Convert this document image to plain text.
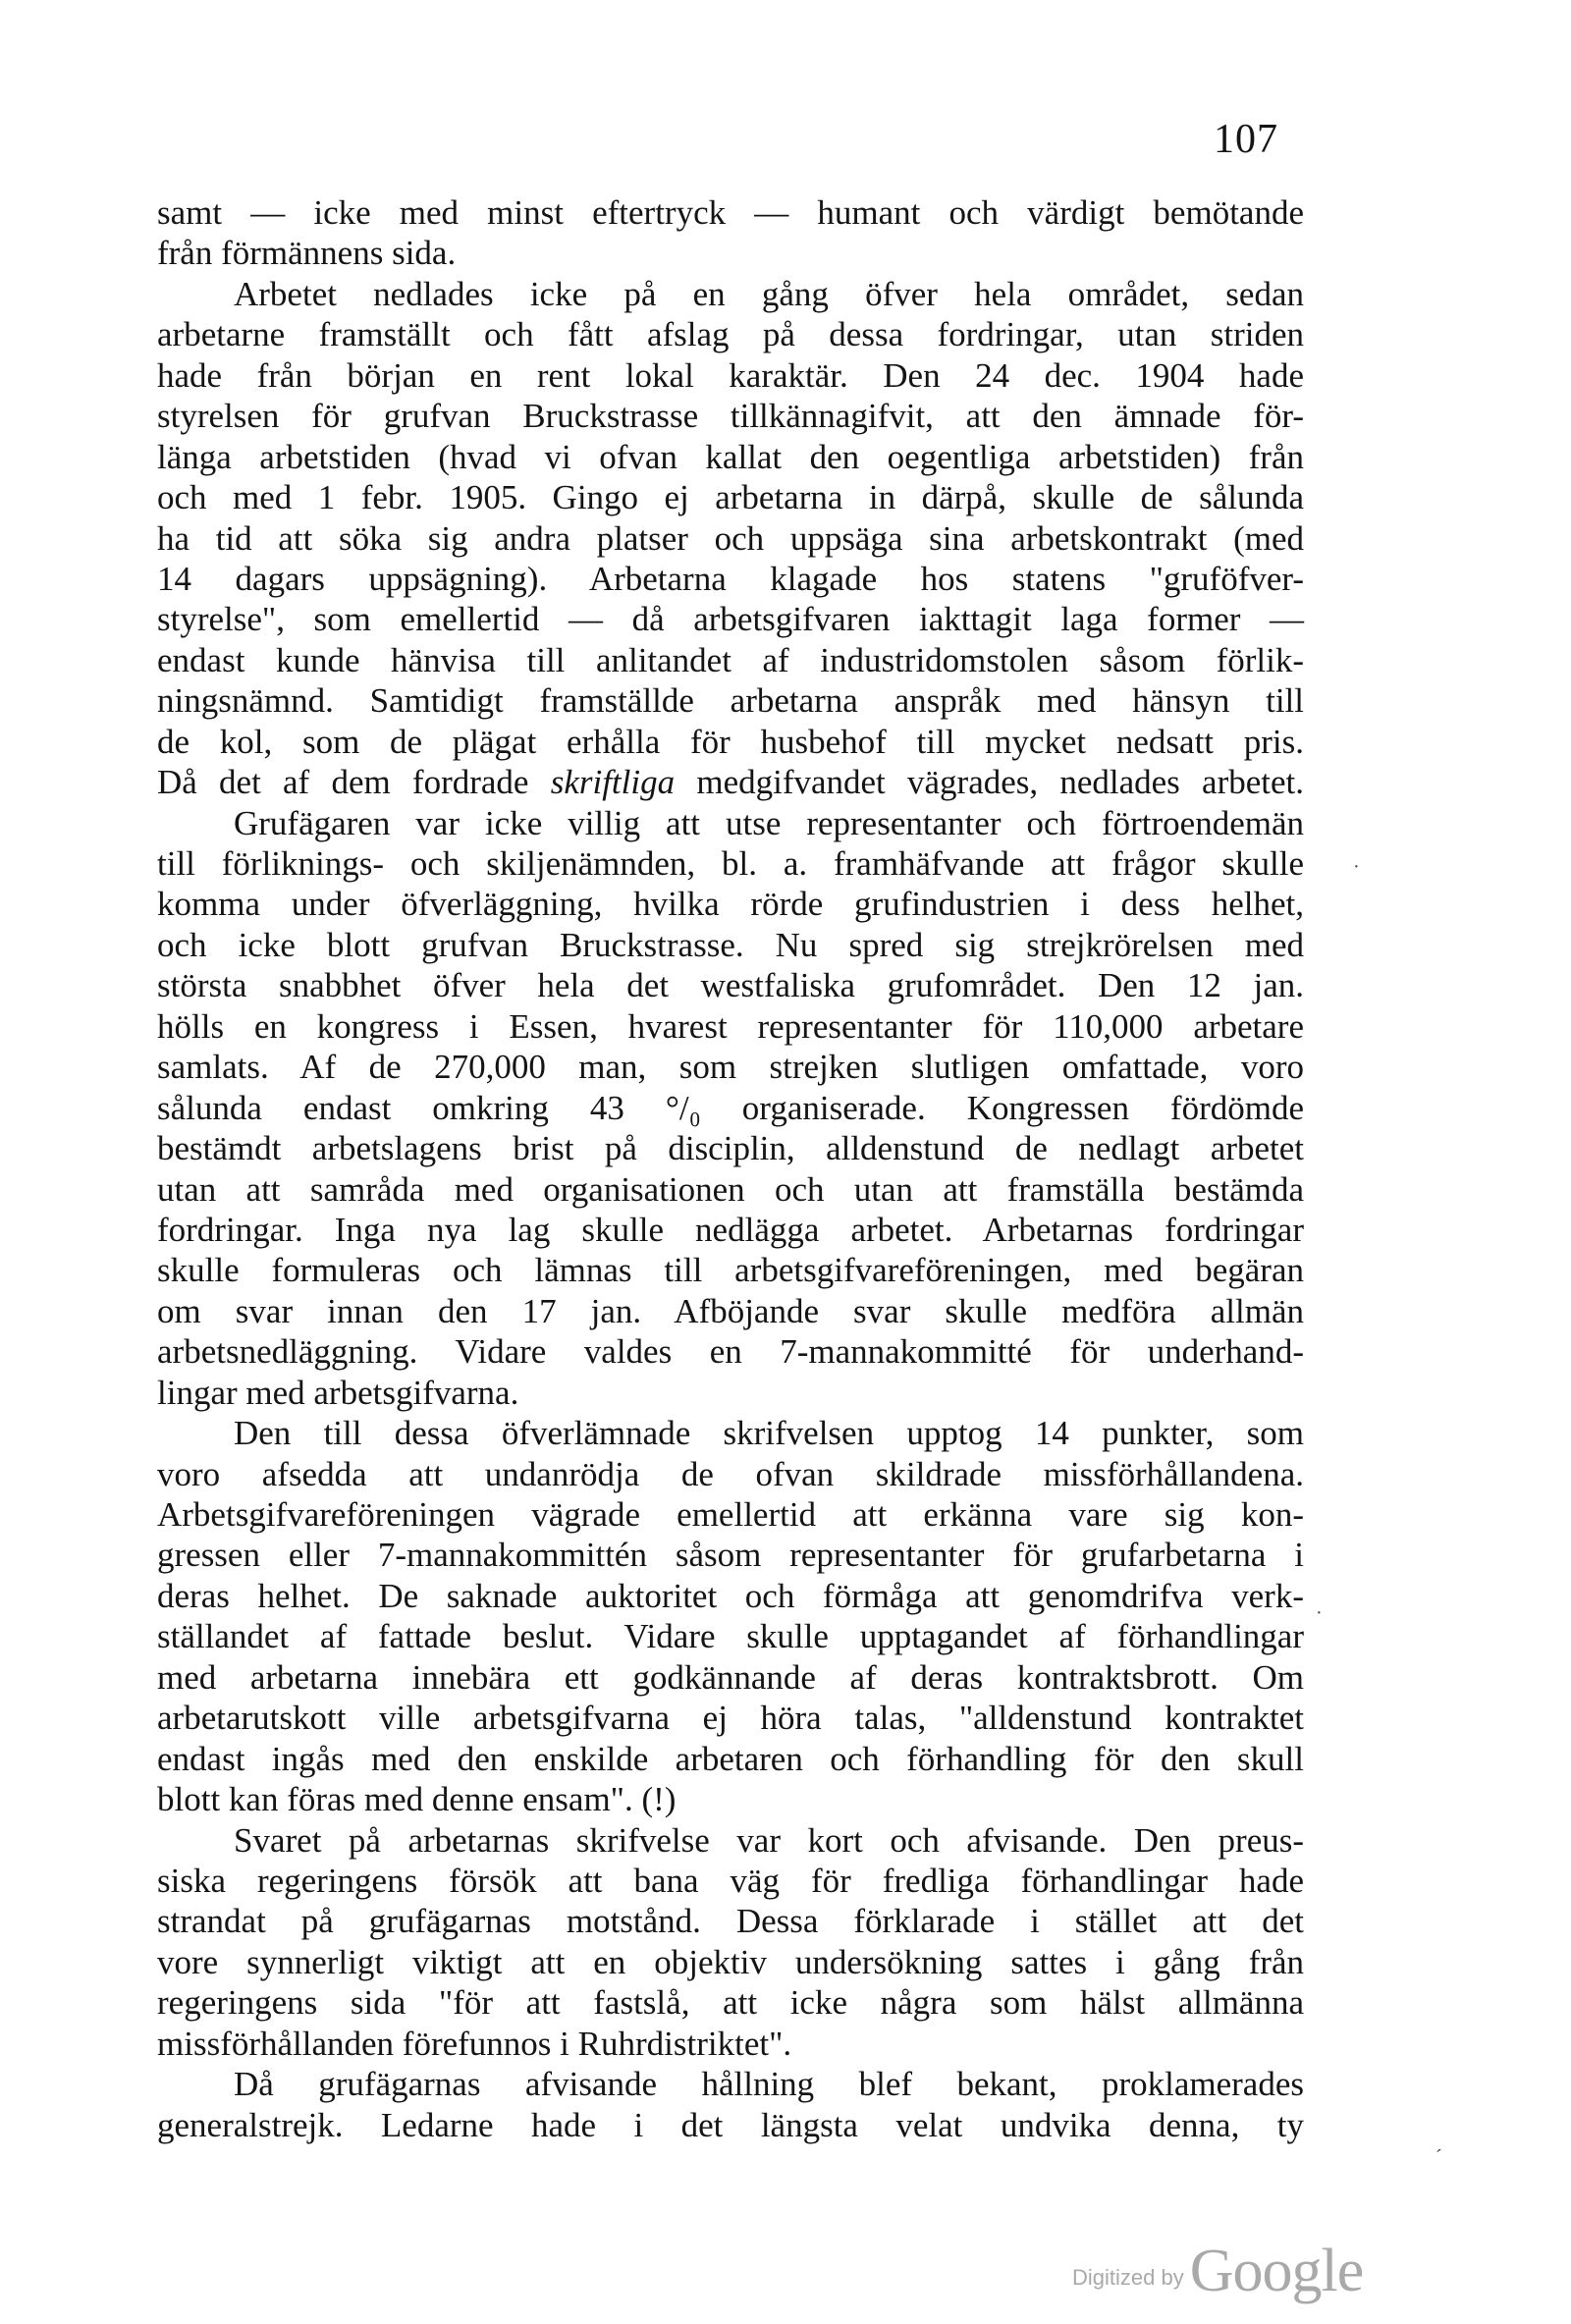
107
samt — icke med minst eftertryck — humant och värdigt bemötande
från förmännens sida.
Arbetet nedlades icke på en gång öfver hela området, sedan
arbetarne framställt och fått afslag på dessa fordringar, utan striden
hade från början en rent lokal karaktär. Den 24 dec. 1904 hade
styrelsen för grufvan Bruckstrasse tillkännagifvit, att den ämnade för-
länga arbetstiden (hvad vi ofvan kallat den oegentliga arbetstiden) från
och med 1 febr. 1905. Gingo ej arbetarna in därpå, skulle de sålunda
ha tid att söka sig andra platser och uppsäga sina arbetskontrakt (med
14 dagars uppsägning). Arbetarna klagade hos statens "gruföfver-
styrelse", som emellertid — då arbetsgifvaren iakttagit laga former —
endast kunde hänvisa till anlitandet af industridomstolen såsom förlik-
ningsnämnd. Samtidigt framställde arbetarna anspråk med hänsyn till
de kol, som de plägat erhålla för husbehof till mycket nedsatt pris.
Då det af dem fordrade skriftliga medgifvandet vägrades, nedlades arbetet.
Grufägaren var icke villig att utse representanter och förtroendemän
till förliknings- och skiljenämnden, bl. a. framhäfvande att frågor skulle
komma under öfverläggning, hvilka rörde grufindustrien i dess helhet,
och icke blott grufvan Bruckstrasse. Nu spred sig strejkrörelsen med
största snabbhet öfver hela det westfaliska grufområdet. Den 12 jan.
hölls en kongress i Essen, hvarest representanter för 110,000 arbetare
samlats. Af de 270,000 man, som strejken slutligen omfattade, voro
sålunda endast omkring 43 °/₀ organiserade. Kongressen fördömde
bestämdt arbetslagens brist på disciplin, alldenstund de nedlagt arbetet
utan att samråda med organisationen och utan att framställa bestämda
fordringar. Inga nya lag skulle nedlägga arbetet. Arbetarnas fordringar
skulle formuleras och lämnas till arbetsgifvareföreningen, med begäran
om svar innan den 17 jan. Afböjande svar skulle medföra allmän
arbetsnedläggning. Vidare valdes en 7-mannakommitté för underhand-
lingar med arbetsgifvarna.
Den till dessa öfverlämnade skrifvelsen upptog 14 punkter, som
voro afsedda att undanrödja de ofvan skildrade missförhållandena.
Arbetsgifvareföreningen vägrade emellertid att erkänna vare sig kon-
gressen eller 7-mannakommittén såsom representanter för grufarbetarna i
deras helhet. De saknade auktoritet och förmåga att genomdrifva verk-
ställandet af fattade beslut. Vidare skulle upptagandet af förhandlingar
med arbetarna innebära ett godkännande af deras kontraktsbrott. Om
arbetarutskott ville arbetsgifvarna ej höra talas, "alldenstund kontraktet
endast ingås med den enskilde arbetaren och förhandling för den skull
blott kan föras med denne ensam". (!)
Svaret på arbetarnas skrifvelse var kort och afvisande. Den preus-
siska regeringens försök att bana väg för fredliga förhandlingar hade
strandat på grufägarnas motstånd. Dessa förklarade i stället att det
vore synnerligt viktigt att en objektiv undersökning sattes i gång från
regeringens sida "för att fastslå, att icke några som hälst allmänna
missförhållanden förefunnos i Ruhrdistriktet".
Då grufägarnas afvisande hållning blef bekant, proklamerades
generalstrejk. Ledarne hade i det längsta velat undvika denna, ty
·
·
ˊ
Digitized byGoogle
